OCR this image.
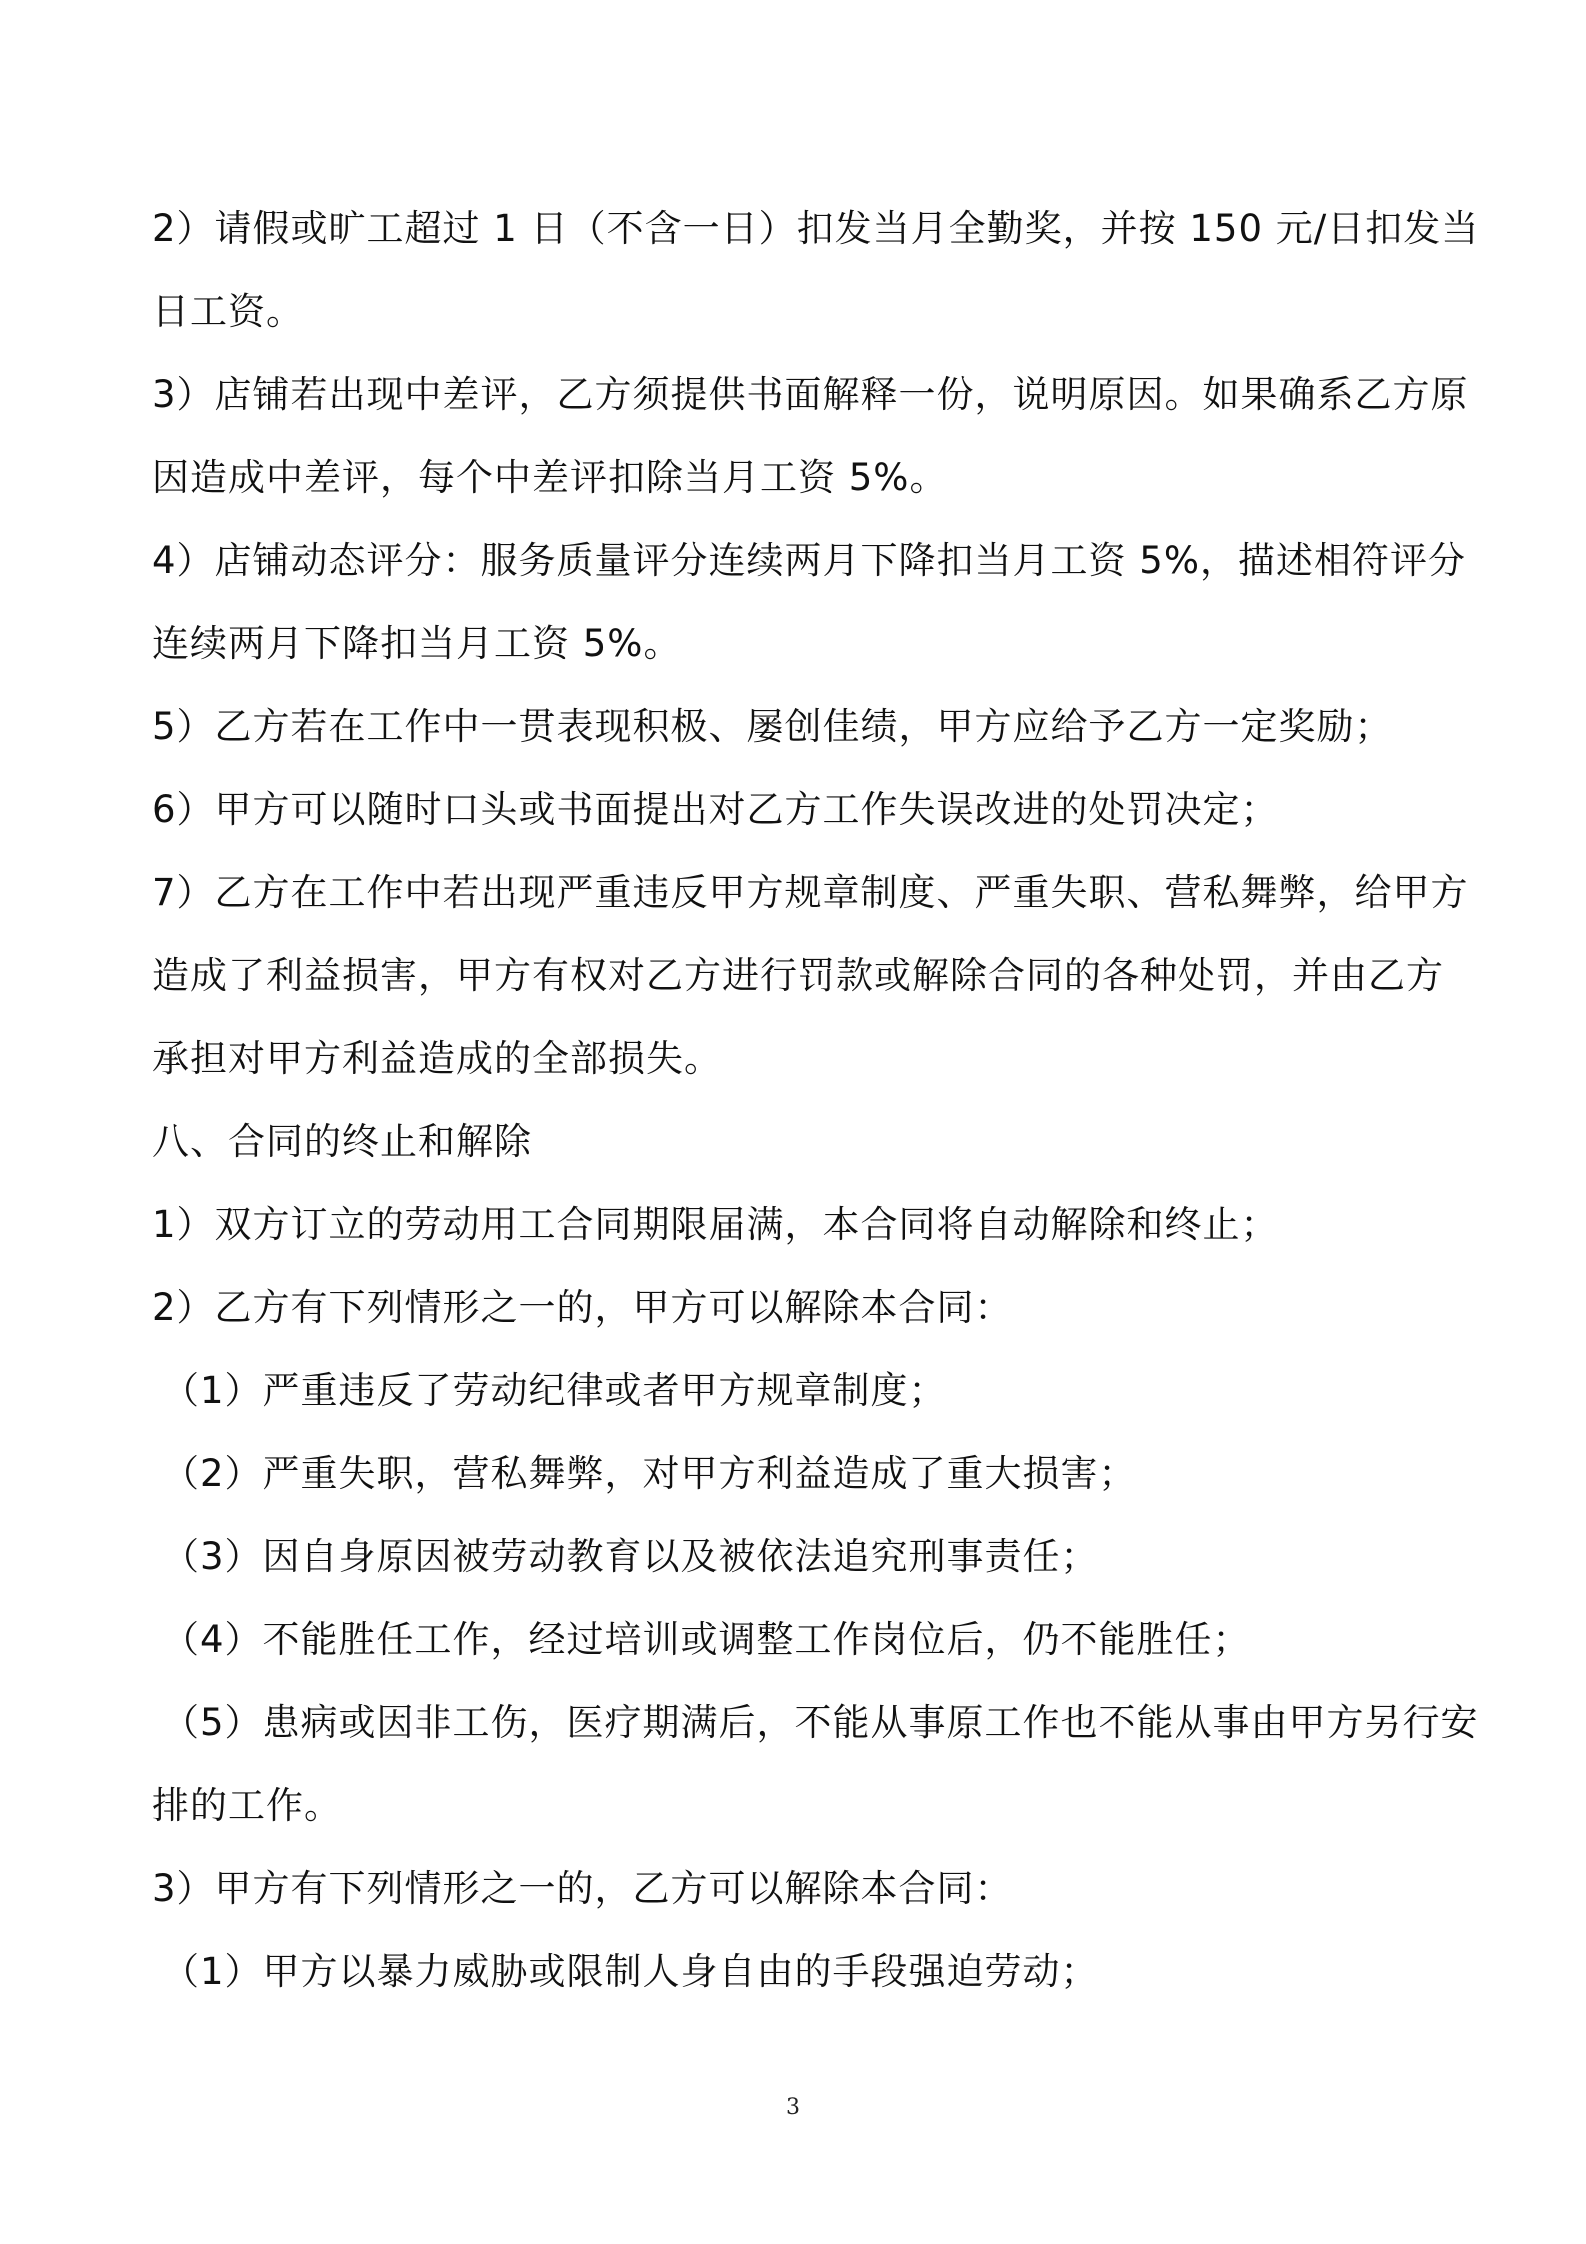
2）请假或旷工超过 1 日（不含一日）扣发当月全勤奖，并按 150 元/日扣发当
日工资。
3）店铺若出现中差评，乙方须提供书面解释一份，说明原因。如果确系乙方原
因造成中差评，每个中差评扣除当月工资 5%。
4）店铺动态评分：服务质量评分连续两月下降扣当月工资 5%，描述相符评分
连续两月下降扣当月工资 5%。
5）乙方若在工作中一贯表现积极、屡创佳绩，甲方应给予乙方一定奖励；
6）甲方可以随时口头或书面提出对乙方工作失误改进的处罚决定；
7）乙方在工作中若出现严重违反甲方规章制度、严重失职、营私舞弊，给甲方
造成了利益损害，甲方有权对乙方进行罚款或解除合同的各种处罚，并由乙方
承担对甲方利益造成的全部损失。
八、合同的终止和解除
1）双方订立的劳动用工合同期限届满，本合同将自动解除和终止；
2）乙方有下列情形之一的，甲方可以解除本合同：
（1）严重违反了劳动纪律或者甲方规章制度；
（2）严重失职，营私舞弊，对甲方利益造成了重大损害；
（3）因自身原因被劳动教育以及被依法追究刑事责任；
（4）不能胜任工作，经过培训或调整工作岗位后，仍不能胜任；
（5）患病或因非工伤，医疗期满后，不能从事原工作也不能从事由甲方另行安
排的工作。
3）甲方有下列情形之一的，乙方可以解除本合同：
（1）甲方以暴力威胁或限制人身自由的手段强迫劳动；
3
